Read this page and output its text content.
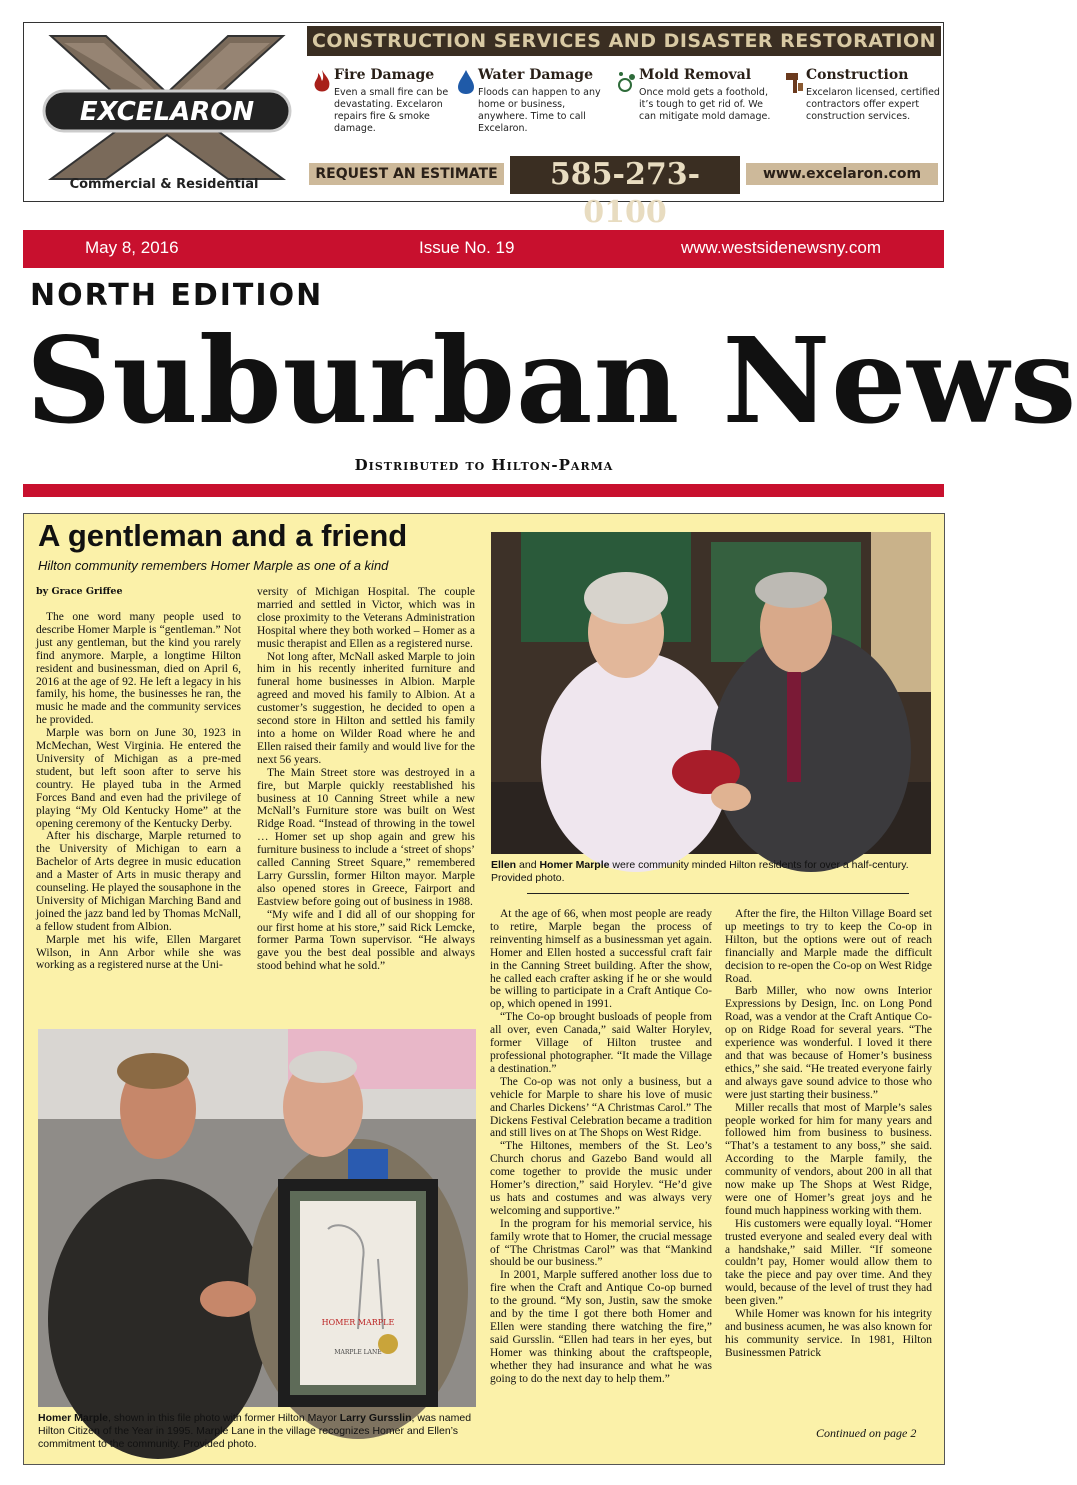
EXCELARON
Commercial & Residential
CONSTRUCTION SERVICES AND DISASTER RESTORATION
Fire Damage
Even a small fire can be devastating. Excelaron repairs fire & smoke damage.
Water Damage
Floods can happen to any home or business, anywhere. Time to call Excelaron.
Mold Removal
Once mold gets a foothold, it’s tough to get rid of. We can mitigate mold damage.
Construction
Excelaron licensed, certified contractors offer expert construction services.
REQUEST AN ESTIMATE	585-273-0100
www.excelaron.com
May 8, 2016	Issue No. 19	www.westsidenewsny.com
NORTH EDITION
Suburban News
Distributed to Hilton-Parma
A gentleman and a friend
Hilton community remembers Homer Marple as one of a kind
by Grace Griffee

The one word many people used to describe Homer Marple is “gentleman.” Not just any gentleman, but the kind you rarely find anymore. Marple, a longtime Hilton resident and businessman, died on April 6, 2016 at the age of 92. He left a legacy in his family, his home, the businesses he ran, the music he made and the community services he provided.

Marple was born on June 30, 1923 in McMechan, West Virginia. He entered the University of Michigan as a pre-med student, but left soon after to serve his country. He played tuba in the Armed Forces Band and even had the privilege of playing “My Old Kentucky Home” at the opening ceremony of the Kentucky Derby.

After his discharge, Marple returned to the University of Michigan to earn a Bachelor of Arts degree in music education and a Master of Arts in music therapy and counseling. He played the sousaphone in the University of Michigan Marching Band and joined the jazz band led by Thomas McNall, a fellow student from Albion.

Marple met his wife, Ellen Margaret Wilson, in Ann Arbor while she was working as a registered nurse at the Uni-

versity of Michigan Hospital. The couple married and settled in Victor, which was in close proximity to the Veterans Administration Hospital where they both worked – Homer as a music therapist and Ellen as a registered nurse.

Not long after, McNall asked Marple to join him in his recently inherited furniture and funeral home businesses in Albion. Marple agreed and moved his family to Albion. At a customer’s suggestion, he decided to open a second store in Hilton and settled his family into a home on Wilder Road where he and Ellen raised their family and would live for the next 56 years.

The Main Street store was destroyed in a fire, but Marple quickly reestablished his business at 10 Canning Street while a new McNall’s Furniture store was built on West Ridge Road. “Instead of throwing in the towel … Homer set up shop again and grew his furniture business to include a ‘street of shops’ called Canning Street Square,” remembered Larry Gursslin, former Hilton mayor. Marple also opened stores in Greece, Fairport and Eastview before going out of business in 1988.

“My wife and I did all of our shopping for our first home at his store,” said Rick Lemcke, former Parma Town supervisor. “He always gave you the best deal possible and always stood behind what he sold.”

Ellen and Homer Marple were community minded Hilton residents for over a half-century. Provided photo.
HOMER MARPLE
MARPLE LANE
Homer Marple, shown in this file photo with former Hilton Mayor Larry Gursslin, was named Hilton Citizen of the Year in 1995. Marple Lane in the village recognizes Homer and Ellen’s commitment to the community. Provided photo.

At the age of 66, when most people are ready to retire, Marple began the process of reinventing himself as a businessman yet again. Homer and Ellen hosted a successful craft fair in the Canning Street building. After the show, he called each crafter asking if he or she would be willing to participate in a Craft Antique Co-op, which opened in 1991.

“The Co-op brought busloads of people from all over, even Canada,” said Walter Horylev, former Village of Hilton trustee and professional photographer. “It made the Village a destination.”

The Co-op was not only a business, but a vehicle for Marple to share his love of music and Charles Dickens’ “A Christmas Carol.” The Dickens Festival Celebration became a tradition and still lives on at The Shops on West Ridge.

“The Hiltones, members of the St. Leo’s Church chorus and Gazebo Band would all come together to provide the music under Homer’s direction,” said Horylev. “He’d give us hats and costumes and was always very welcoming and supportive.”

In the program for his memorial service, his family wrote that to Homer, the crucial message of “The Christmas Carol” was that “Mankind should be our business.”

In 2001, Marple suffered another loss due to fire when the Craft and Antique Co-op burned to the ground. “My son, Justin, saw the smoke and by the time I got there both Homer and Ellen were standing there watching the fire,” said Gursslin. “Ellen had tears in her eyes, but Homer was thinking about the craftspeople, whether they had insurance and what he was going to do the next day to help them.”

After the fire, the Hilton Village Board set up meetings to try to keep the Co-op in Hilton, but the options were out of reach financially and Marple made the difficult decision to re-open the Co-op on West Ridge Road.

Barb Miller, who now owns Interior Expressions by Design, Inc. on Long Pond Road, was a vendor at the Craft Antique Co-op on Ridge Road for several years. “The experience was wonderful. I loved it there and that was because of Homer’s business ethics,” she said. “He treated everyone fairly and always gave sound advice to those who were just starting their business.”

Miller recalls that most of Marple’s sales people worked for him for many years and followed him from business to business. “That’s a testament to any boss,” she said. According to the Marple family, the community of vendors, about 200 in all that now make up The Shops at West Ridge, were one of Homer’s great joys and he found much happiness working with them.

His customers were equally loyal. “Homer trusted everyone and sealed every deal with a handshake,” said Miller. “If someone couldn’t pay, Homer would allow them to take the piece and pay over time. And they would, because of the level of trust they had been given.”

While Homer was known for his integrity and business acumen, he was also known for his community service. In 1981, Hilton Businessmen Patrick

Continued on page 2
